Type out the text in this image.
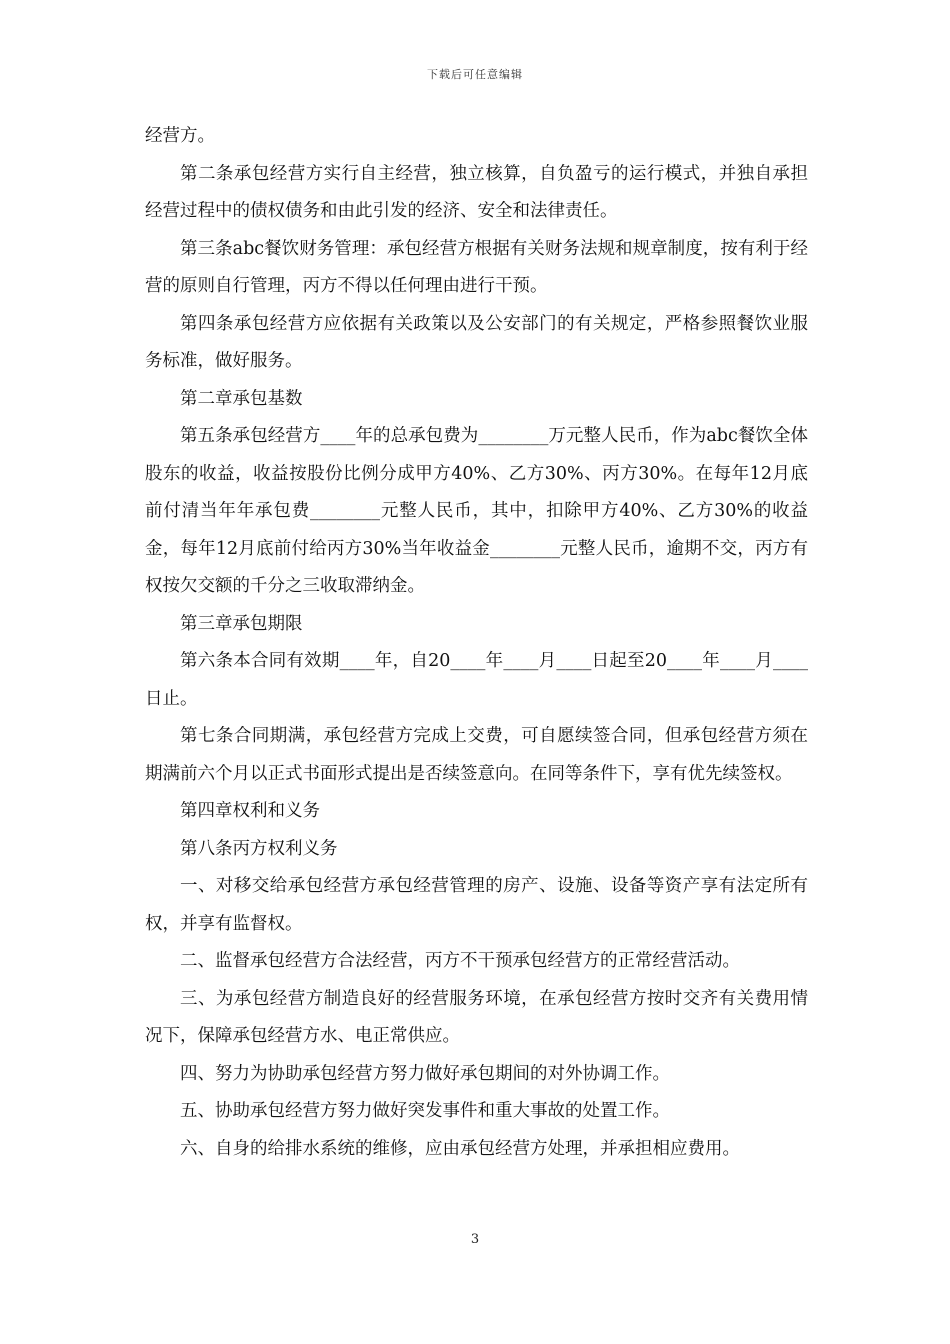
下载后可任意编辑

经营方。

第二条承包经营方实行自主经营，独立核算，自负盈亏的运行模式，并独自承担经营过程中的债权债务和由此引发的经济、安全和法律责任。

第三条abc餐饮财务管理：承包经营方根据有关财务法规和规章制度，按有利于经营的原则自行管理，丙方不得以任何理由进行干预。

第四条承包经营方应依据有关政策以及公安部门的有关规定，严格参照餐饮业服务标准，做好服务。

第二章承包基数

第五条承包经营方____年的总承包费为________万元整人民币，作为abc餐饮全体股东的收益，收益按股份比例分成甲方40%、乙方30%、丙方30%。在每年12月底前付清当年年承包费________元整人民币，其中，扣除甲方40%、乙方30%的收益金，每年12月底前付给丙方30%当年收益金________元整人民币，逾期不交，丙方有权按欠交额的千分之三收取滞纳金。

第三章承包期限

第六条本合同有效期____年，自20____年____月____日起至20____年____月____日止。

第七条合同期满，承包经营方完成上交费，可自愿续签合同，但承包经营方须在期满前六个月以正式书面形式提出是否续签意向。在同等条件下，享有优先续签权。

第四章权利和义务

第八条丙方权利义务

一、对移交给承包经营方承包经营管理的房产、设施、设备等资产享有法定所有权，并享有监督权。

二、监督承包经营方合法经营，丙方不干预承包经营方的正常经营活动。

三、为承包经营方制造良好的经营服务环境，在承包经营方按时交齐有关费用情况下，保障承包经营方水、电正常供应。

四、努力为协助承包经营方努力做好承包期间的对外协调工作。

五、协助承包经营方努力做好突发事件和重大事故的处置工作。

六、自身的给排水系统的维修，应由承包经营方处理，并承担相应费用。

3
